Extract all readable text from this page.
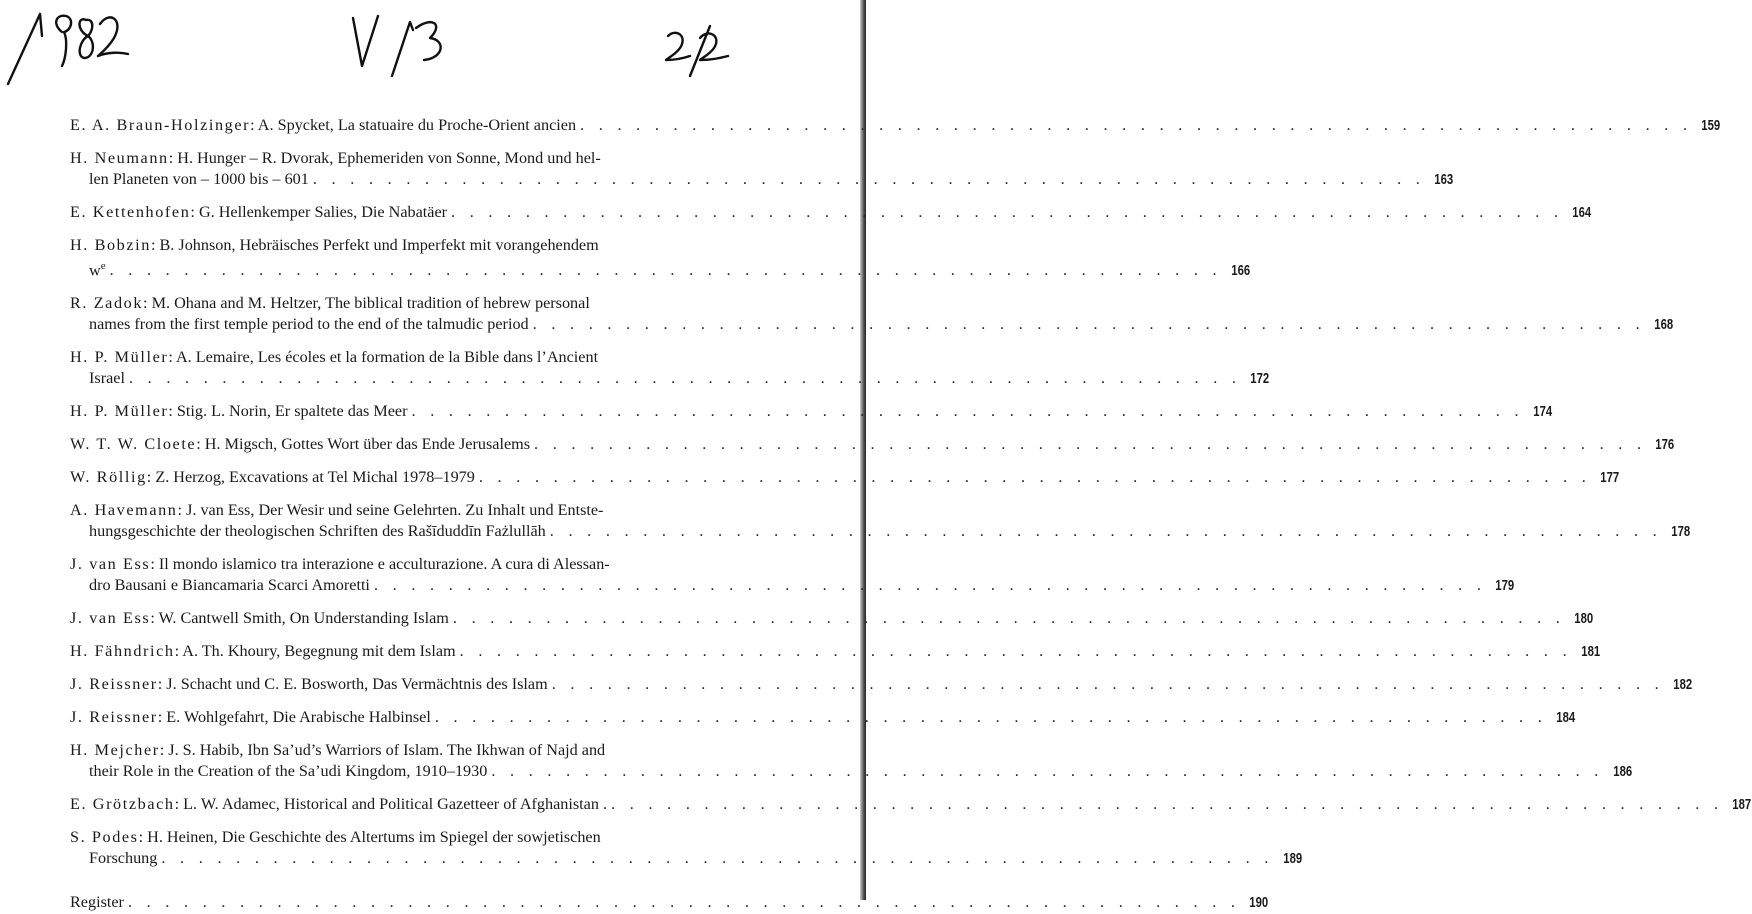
E. A. Braun-Holzinger: A. Spycket, La statuaire du Proche-Orient ancien . . . . . . . . . . . . . . . . . . . . . . . . . . . . . . . . . . . . . . . . . . . . . . . . . . . . . . . . . . . . 159
H. Neumann: H. Hunger – R. Dvorak, Ephemeriden von Sonne, Mond und hel-
len Planeten von – 1000 bis – 601 . . . . . . . . . . . . . . . . . . . . . . . . . . . . . . . . . . . . . . . . . . . . . . . . . . . . . . . . . . . . 163
E. Kettenhofen: G. Hellenkemper Salies, Die Nabatäer . . . . . . . . . . . . . . . . . . . . . . . . . . . . . . . . . . . . . . . . . . . . . . . . . . . . . . . . . . . . 164
H. Bobzin: B. Johnson, Hebräisches Perfekt und Imperfekt mit vorangehendem
$w^e$ . . . . . . . . . . . . . . . . . . . . . . . . . . . . . . . . . . . . . . . . . . . . . . . . . . . . . . . . . . . . 166
R. Zadok: M. Ohana and M. Heltzer, The biblical tradition of hebrew personal
names from the first temple period to the end of the talmudic period . . . . . . . . . . . . . . . . . . . . . . . . . . . . . . . . . . . . . . . . . . . . . . . . . . . . . . . . . . . . 168
H. P. Müller: A. Lemaire, Les écoles et la formation de la Bible dans l’Ancient
Israel . . . . . . . . . . . . . . . . . . . . . . . . . . . . . . . . . . . . . . . . . . . . . . . . . . . . . . . . . . . . 172
H. P. Müller: Stig. L. Norin, Er spaltete das Meer . . . . . . . . . . . . . . . . . . . . . . . . . . . . . . . . . . . . . . . . . . . . . . . . . . . . . . . . . . . . 174
W. T. W. Cloete: H. Migsch, Gottes Wort über das Ende Jerusalems . . . . . . . . . . . . . . . . . . . . . . . . . . . . . . . . . . . . . . . . . . . . . . . . . . . . . . . . . . . . 176
W. Röllig: Z. Herzog, Excavations at Tel Michal 1978–1979 . . . . . . . . . . . . . . . . . . . . . . . . . . . . . . . . . . . . . . . . . . . . . . . . . . . . . . . . . . . . 177
A. Havemann: J. van Ess, Der Wesir und seine Gelehrten. Zu Inhalt und Entste-
hungsgeschichte der theologischen Schriften des Rašīduddīn Fażlullāh . . . . . . . . . . . . . . . . . . . . . . . . . . . . . . . . . . . . . . . . . . . . . . . . . . . . . . . . . . . . 178
J. van Ess: Il mondo islamico tra interazione e acculturazione. A cura di Alessan-
dro Bausani e Biancamaria Scarci Amoretti . . . . . . . . . . . . . . . . . . . . . . . . . . . . . . . . . . . . . . . . . . . . . . . . . . . . . . . . . . . . 179
J. van Ess: W. Cantwell Smith, On Understanding Islam . . . . . . . . . . . . . . . . . . . . . . . . . . . . . . . . . . . . . . . . . . . . . . . . . . . . . . . . . . . . 180
H. Fähndrich: A. Th. Khoury, Begegnung mit dem Islam . . . . . . . . . . . . . . . . . . . . . . . . . . . . . . . . . . . . . . . . . . . . . . . . . . . . . . . . . . . . 181
J. Reissner: J. Schacht und C. E. Bosworth, Das Vermächtnis des Islam . . . . . . . . . . . . . . . . . . . . . . . . . . . . . . . . . . . . . . . . . . . . . . . . . . . . . . . . . . . . 182
J. Reissner: E. Wohlgefahrt, Die Arabische Halbinsel . . . . . . . . . . . . . . . . . . . . . . . . . . . . . . . . . . . . . . . . . . . . . . . . . . . . . . . . . . . . 184
H. Mejcher: J. S. Habib, Ibn Sa’ud’s Warriors of Islam. The Ikhwan of Najd and
their Role in the Creation of the Sa’udi Kingdom, 1910–1930 . . . . . . . . . . . . . . . . . . . . . . . . . . . . . . . . . . . . . . . . . . . . . . . . . . . . . . . . . . . . 186
E. Grötzbach: L. W. Adamec, Historical and Political Gazetteer of Afghanistan . . . . . . . . . . . . . . . . . . . . . . . . . . . . . . . . . . . . . . . . . . . . . . . . . . . . . . . . . . . . . 187
S. Podes: H. Heinen, Die Geschichte des Altertums im Spiegel der sowjetischen
Forschung . . . . . . . . . . . . . . . . . . . . . . . . . . . . . . . . . . . . . . . . . . . . . . . . . . . . . . . . . . . . 189
Register . . . . . . . . . . . . . . . . . . . . . . . . . . . . . . . . . . . . . . . . . . . . . . . . . . . . . . . . . . . . 190
